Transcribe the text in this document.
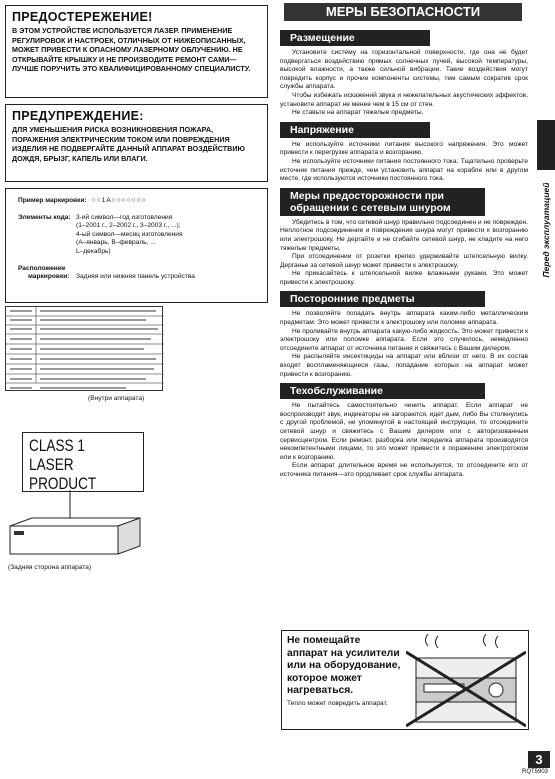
ПРЕДОСТЕРЕЖЕНИЕ!
В ЭТОМ УСТРОЙСТВЕ ИСПОЛЬЗУЕТСЯ ЛАЗЕР. ПРИМЕНЕНИЕ РЕГУЛИРОВОК И НАСТРОЕК, ОТЛИЧНЫХ ОТ НИЖЕОПИСАННЫХ, МОЖЕТ ПРИВЕСТИ К ОПАСНОМУ ЛАЗЕРНОМУ ОБЛУЧЕНИЮ. НЕ ОТКРЫВАЙТЕ КРЫШКУ И НЕ ПРОИЗВОДИТЕ РЕМОНТ САМИ—ЛУЧШЕ ПОРУЧИТЬ ЭТО КВАЛИФИЦИРОВАННОМУ СПЕЦИАЛИСТУ.
ПРЕДУПРЕЖДЕНИЕ:
ДЛЯ УМЕНЬШЕНИЯ РИСКА ВОЗНИКНОВЕНИЯ ПОЖАРА, ПОРАЖЕНИЯ ЭЛЕКТРИЧЕСКИМ ТОКОМ ИЛИ ПОВРЕЖДЕНИЯ ИЗДЕЛИЯ НЕ ПОДВЕРГАЙТЕ ДАННЫЙ АППАРАТ ВОЗДЕЙСТВИЮ ДОЖДЯ, БРЫЗГ, КАПЕЛЬ ИЛИ ВЛАГИ.
Пример маркировки: ○○1A○○○○○○○
Элементы кода: 3-ий символ—год изготовления
(1–2001 г., 2–2002 г., 3–2003 г., ...);
4-ый символ—месяц изготовления
(A–январь, B–февраль, ...
L–декабрь)
Расположение
маркировки: Задняя или нижняя панель устройства
(Внутри аппарата)
CLASS 1
LASER PRODUCT
(Задняя сторона аппарата)
МЕРЫ БЕЗОПАСНОСТИ
Перед эксплуатацией
Размещение
Установите систему на горизонтальной поверхности, где она не будет подвергаться воздействию прямых солнечных лучей, высокой температуры, высокой влажности, а также сильной вибрации. Такие воздействия могут повредить корпус и прочие компоненты системы, тем самым сократив срок службы аппарата.
Чтобы избежать искажений звука и нежелательных акустических эффектов, установите аппарат не менее чем в 15 см от стен.
Не ставьте на аппарат тяжелые предметы.
Напряжение
Не используйте источники питания высокого напряжения. Это может привести к перегрузке аппарата и возгоранию.
Не используйте источники питания постоянного тока. Тщательно проверьте источник питания прежде, чем установить аппарат на корабле или в другом месте, где используются источники постоянного тока.
Меры предосторожности при обращении с сетевым шнуром
Убедитесь в том, что сетевой шнур правильно подсоединен и не поврежден. Неплотное подсоединение и повреждения шнура могут привести к возгоранию или электрошоку. Не дергайте и не сгибайте сетевой шнур, не кладите на него тяжелые предметы.
При отсоединении от розетки крепко удерживайте штепсельную вилку. Дерганье за сетевой шнур может привести к электрошоку.
Не прикасайтесь к штепсельной вилке влажными руками. Это может привести к электрошоку.
Посторонние предметы
Не позволяйте попадать внутрь аппарата каким-либо металлическим предметам. Это может привести к электрошоку или поломке аппарата.
Не проливайте внутрь аппарата какую-либо жидкость. Это может привести к электрошоку или поломке аппарата. Если это случилось, немедленно отсоедините аппарат от источника питания и свяжитесь с Вашим дилером.
Не распыляйте инсектициды на аппарат или вблизи от него. В их состав входят воспламеняющиеся газы, попадание которых на аппарат может привести к возгоранию.
Техобслуживание
Не пытайтесь самостоятельно чинить аппарат. Если аппарат не воспроизводит звук, индикаторы не загораются, идет дым, либо Вы столкнулись с другой проблемой, не упомянутой в настоящей инструкции, то отсоедините сетевой шнур и свяжитесь с Вашим дилером или с авторизованным сервисцентром. Если ремонт, разборка или переделка аппарата производятся некомпетентными лицами, то это может привести к поражению электротоком или к возгоранию.
Если аппарат длительное время не используется, то отсоедините его от источника питания—это продлевает срок службы аппарата.
Не помещайте аппарат на усилители или на оборудование, которое может нагреваться.
Тепло может повредить аппарат.
3
RQT5903
